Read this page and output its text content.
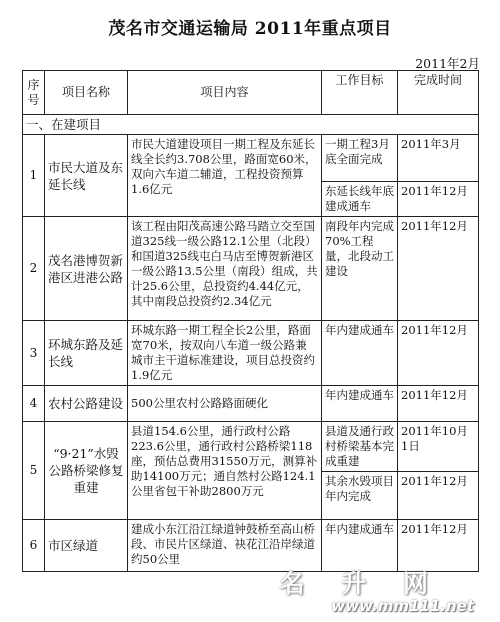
茂名市交通运输局 2011年重点项目
2011年2月
序号	项目名称	项目内容	工作目标	完成时间
一、在建项目				
1	市民大道及东延长线	市民大道建设项目一期工程及东延长线全长约3.708公里，路面宽60米，双向六车道二辅道，工程投资预算1.6亿元	一期工程3月底全面完成	2011年3月
			东延长线年底建成通车	2011年12月
2	茂名港博贺新港区进港公路	该工程由阳茂高速公路马踏立交至国道325线一级公路12.1公里（北段）和国道325线屯白马店至博贺新港区一级公路13.5公里（南段）组成，共计25.6公里，总投资约4.44亿元，其中南段总投资约2.34亿元	南段年内完成70%工程量，北段动工建设	2011年12月
3	环城东路及延长线	环城东路一期工程全长2公里，路面宽70米，按双向八车道一级公路兼城市主干道标准建设，项目总投资约1.9亿元	年内建成通车	2011年12月
4	农村公路建设	500公里农村公路路面硬化	年内建成通车	2011年12月
5	“9·21”水毁公路桥梁修复重建	县道154.6公里，通行政村公路223.6公里，通行政村公路桥梁118座，预估总费用31550万元，测算补助14100万元；通自然村公路124.1公里省包干补助2800万元	县道及通行政村桥梁基本完成重建	2011年10月1日
			其余水毁项目年内完成	2011年12月
6	市区绿道	建成小东江沿江绿道钟鼓桥至高山桥段、市民片区绿道、袂花江沿岸绿道约50公里	年内建成通车	2011年12月
名 升 网
www.mm111.net
